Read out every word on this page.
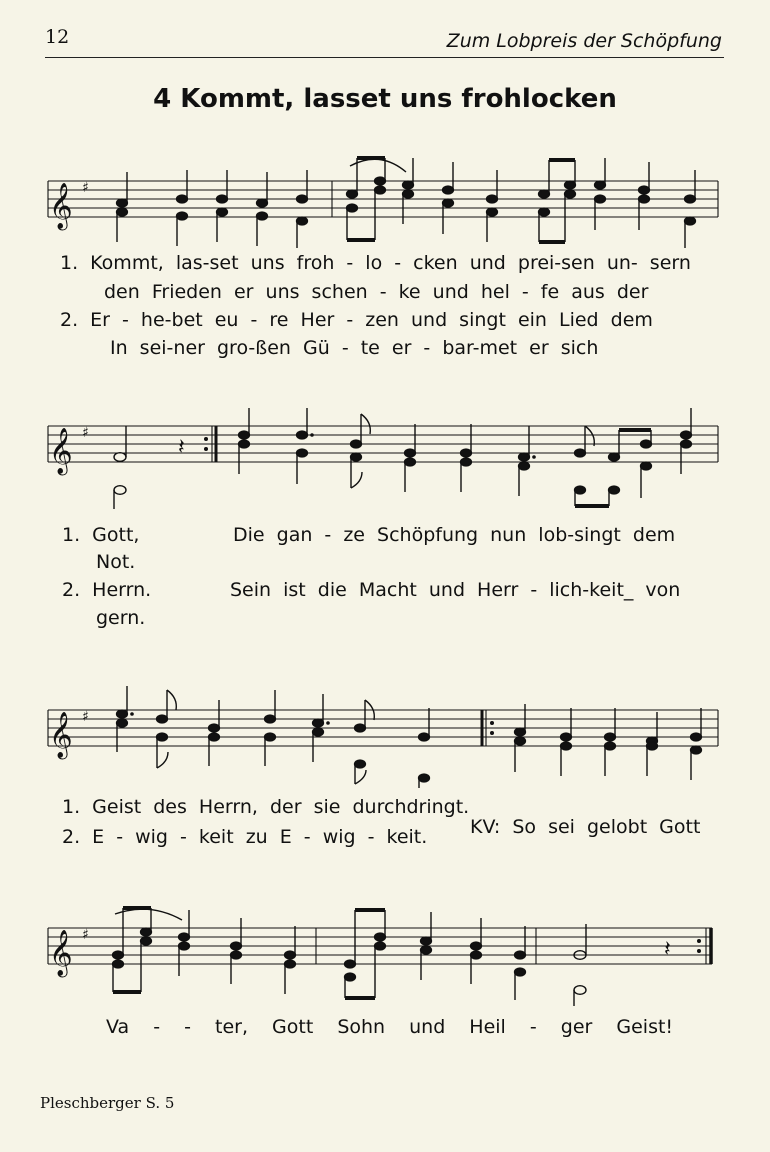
12	Zum Lobpreis der Schöpfung
4 Kommt, lasset uns frohlocken
𝄞 ♯
1. Kommt, las-set uns froh - lo - cken und prei-sen un- sern
den Frieden er uns schen - ke und hel - fe aus der
2. Er - he-bet eu - re Her - zen und singt ein Lied dem
In sei-ner gro-ßen Gü - te er - bar-met er sich
𝄞 ♯
𝄽
1. Gott,
Not.
2. Herrn.
gern.
Die gan - ze Schöpfung nun lob-singt dem
Sein ist die Macht und Herr - lich-keit_ von
𝄞 ♯
1. Geist des Herrn, der sie durchdringt.
2. E - wig - keit zu E - wig - keit. KV: So sei gelobt Gott
𝄞 ♯
𝄽
Va - - ter, Gott Sohn und Heil - ger Geist!
Pleschberger S. 5
